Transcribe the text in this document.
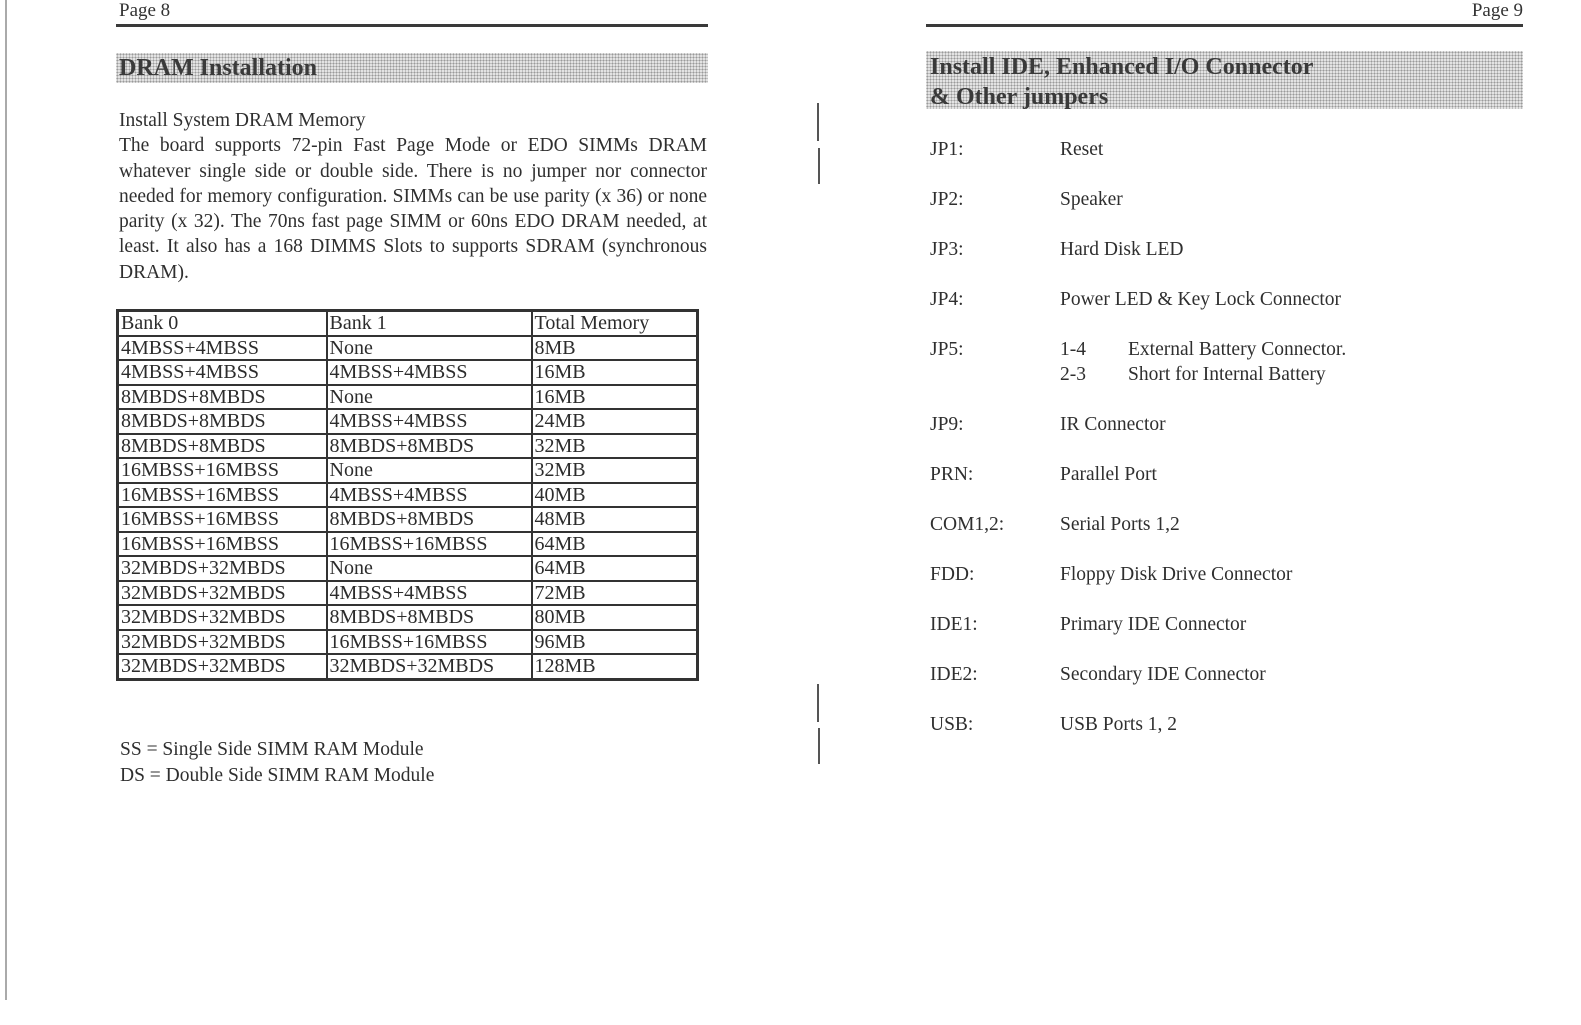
Page 8
DRAM Installation

Install System DRAM Memory

The board supports 72-pin Fast Page Mode or EDO SIMMs DRAM whatever single side or double side. There is no jumper nor connector needed for memory configuration. SIMMs can be use parity (x 36) or none parity (x 32). The 70ns fast page SIMM or 60ns EDO DRAM needed, at least. It also has a 168 DIMMS Slots to supports SDRAM (synchronous DRAM).

Bank 0	Bank 1	Total Memory
4MBSS+4MBSS	None	8MB
4MBSS+4MBSS	4MBSS+4MBSS	16MB
8MBDS+8MBDS	None	16MB
8MBDS+8MBDS	4MBSS+4MBSS	24MB
8MBDS+8MBDS	8MBDS+8MBDS	32MB
16MBSS+16MBSS	None	32MB
16MBSS+16MBSS	4MBSS+4MBSS	40MB
16MBSS+16MBSS	8MBDS+8MBDS	48MB
16MBSS+16MBSS	16MBSS+16MBSS	64MB
32MBDS+32MBDS	None	64MB
32MBDS+32MBDS	4MBSS+4MBSS	72MB
32MBDS+32MBDS	8MBDS+8MBDS	80MB
32MBDS+32MBDS	16MBSS+16MBSS	96MB
32MBDS+32MBDS	32MBDS+32MBDS	128MB
SS = Single Side SIMM RAM Module
DS = Double Side SIMM RAM Module
Page 9
Install IDE, Enhanced I/O Connector
& Other jumpers
JP1:	Reset
JP2:	Speaker
JP3:	Hard Disk LED
JP4:	Power LED & Key Lock Connector
JP5:	1-4 External Battery Connector.
2-3 Short for Internal Battery
JP9:	IR Connector
PRN:	Parallel Port
COM1,2:	Serial Ports 1,2
FDD:	Floppy Disk Drive Connector
IDE1:	Primary IDE Connector
IDE2:	Secondary IDE Connector
USB:	USB Ports 1, 2
